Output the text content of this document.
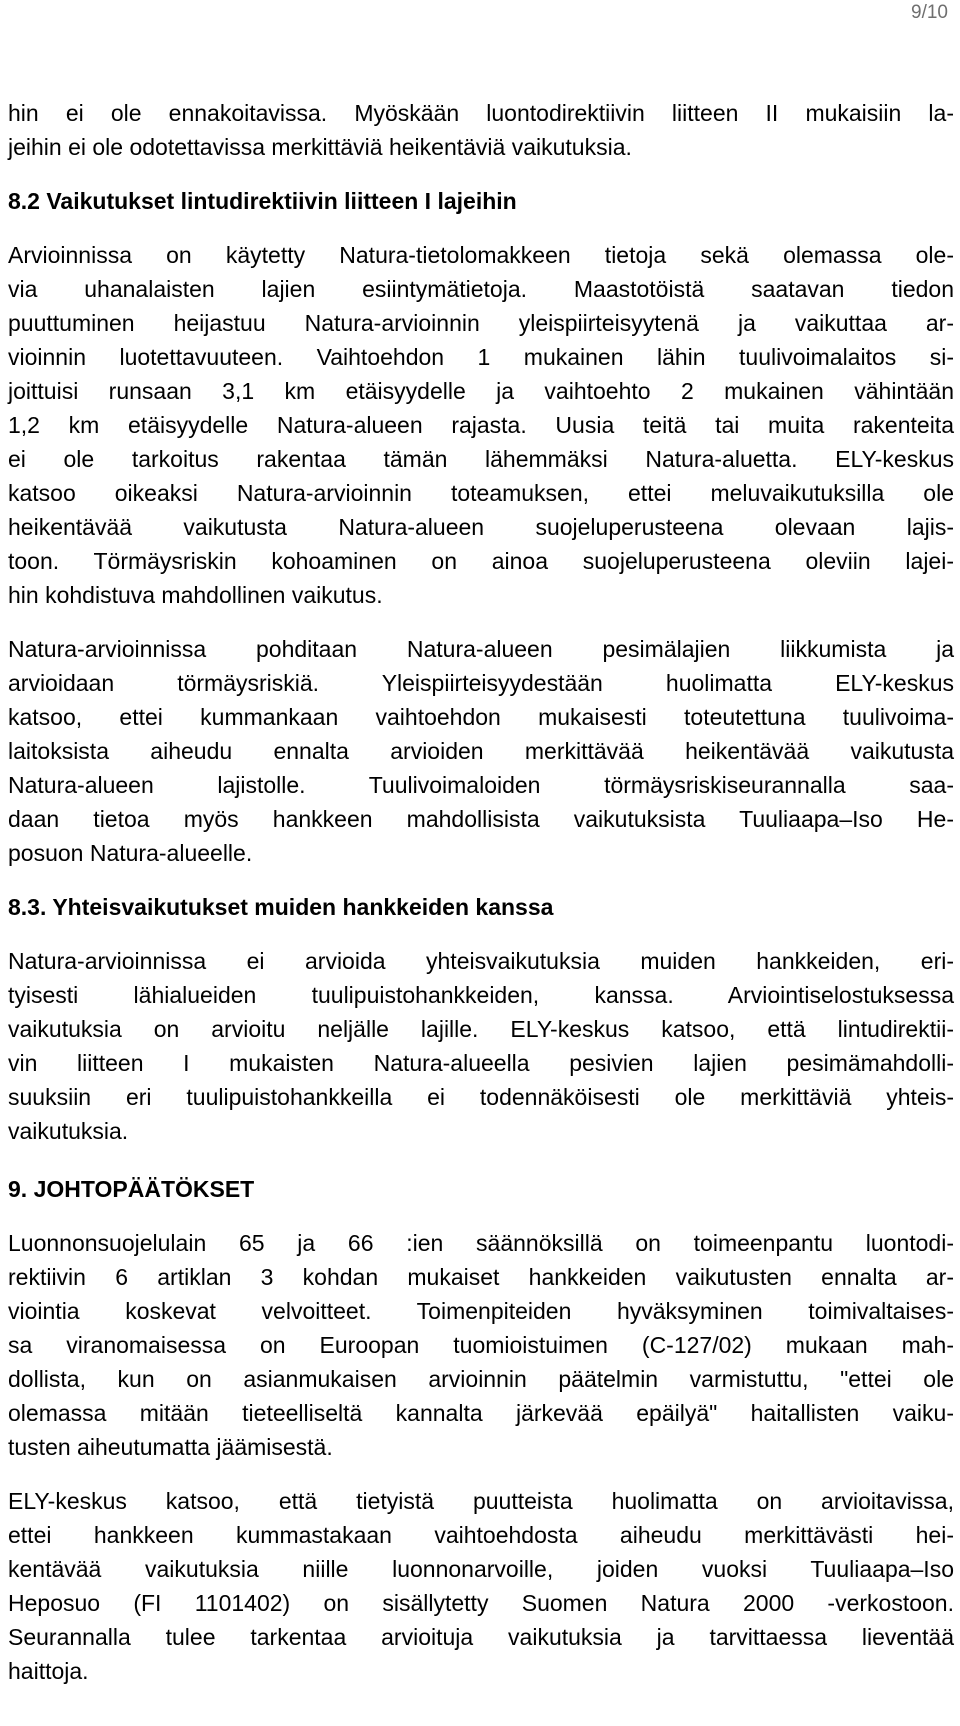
9/10

hin ei ole ennakoitavissa. Myöskään luontodirektiivin liitteen II mukaisiin la-
jeihin ei ole odotettavissa merkittäviä heikentäviä vaikutuksia.

8.2 Vaikutukset lintudirektiivin liitteen I lajeihin

Arvioinnissa on käytetty Natura-tietolomakkeen tietoja sekä olemassa ole-
via uhanalaisten lajien esiintymätietoja. Maastotöistä saatavan tiedon
puuttuminen heijastuu Natura-arvioinnin yleispiirteisyytenä ja vaikuttaa ar-
vioinnin luotettavuuteen. Vaihtoehdon 1 mukainen lähin tuulivoimalaitos si-
joittuisi runsaan 3,1 km etäisyydelle ja vaihtoehto 2 mukainen vähintään
1,2 km etäisyydelle Natura-alueen rajasta. Uusia teitä tai muita rakenteita
ei ole tarkoitus rakentaa tämän lähemmäksi Natura-aluetta. ELY-keskus
katsoo oikeaksi Natura-arvioinnin toteamuksen, ettei meluvaikutuksilla ole
heikentävää vaikutusta Natura-alueen suojeluperusteena olevaan lajis-
toon. Törmäysriskin kohoaminen on ainoa suojeluperusteena oleviin lajei-
hin kohdistuva mahdollinen vaikutus.

Natura-arvioinnissa pohditaan Natura-alueen pesimälajien liikkumista ja
arvioidaan törmäysriskiä. Yleispiirteisyydestään huolimatta ELY-keskus
katsoo, ettei kummankaan vaihtoehdon mukaisesti toteutettuna tuulivoima-
laitoksista aiheudu ennalta arvioiden merkittävää heikentävää vaikutusta
Natura-alueen lajistolle. Tuulivoimaloiden törmäysriskiseurannalla saa-
daan tietoa myös hankkeen mahdollisista vaikutuksista Tuuliaapa–Iso He-
posuon Natura-alueelle.

8.3. Yhteisvaikutukset muiden hankkeiden kanssa

Natura-arvioinnissa ei arvioida yhteisvaikutuksia muiden hankkeiden, eri-
tyisesti lähialueiden tuulipuistohankkeiden, kanssa. Arviointiselostuksessa
vaikutuksia on arvioitu neljälle lajille. ELY-keskus katsoo, että lintudirektii-
vin liitteen I mukaisten Natura-alueella pesivien lajien pesimämahdolli-
suuksiin eri tuulipuistohankkeilla ei todennäköisesti ole merkittäviä yhteis-
vaikutuksia.

9. JOHTOPÄÄTÖKSET

Luonnonsuojelulain 65 ja 66 :ien säännöksillä on toimeenpantu luontodi-
rektiivin 6 artiklan 3 kohdan mukaiset hankkeiden vaikutusten ennalta ar-
viointia koskevat velvoitteet. Toimenpiteiden hyväksyminen toimivaltaises-
sa viranomaisessa on Euroopan tuomioistuimen (C-127/02) mukaan mah-
dollista, kun on asianmukaisen arvioinnin päätelmin varmistuttu, "ettei ole
olemassa mitään tieteelliseltä kannalta järkevää epäilyä" haitallisten vaiku-
tusten aiheutumatta jäämisestä.

ELY-keskus katsoo, että tietyistä puutteista huolimatta on arvioitavissa,
ettei hankkeen kummastakaan vaihtoehdosta aiheudu merkittävästi hei-
kentävää vaikutuksia niille luonnonarvoille, joiden vuoksi Tuuliaapa–Iso
Heposuo (FI 1101402) on sisällytetty Suomen Natura 2000 -verkostoon.
Seurannalla tulee tarkentaa arvioituja vaikutuksia ja tarvittaessa lieventää
haittoja.
